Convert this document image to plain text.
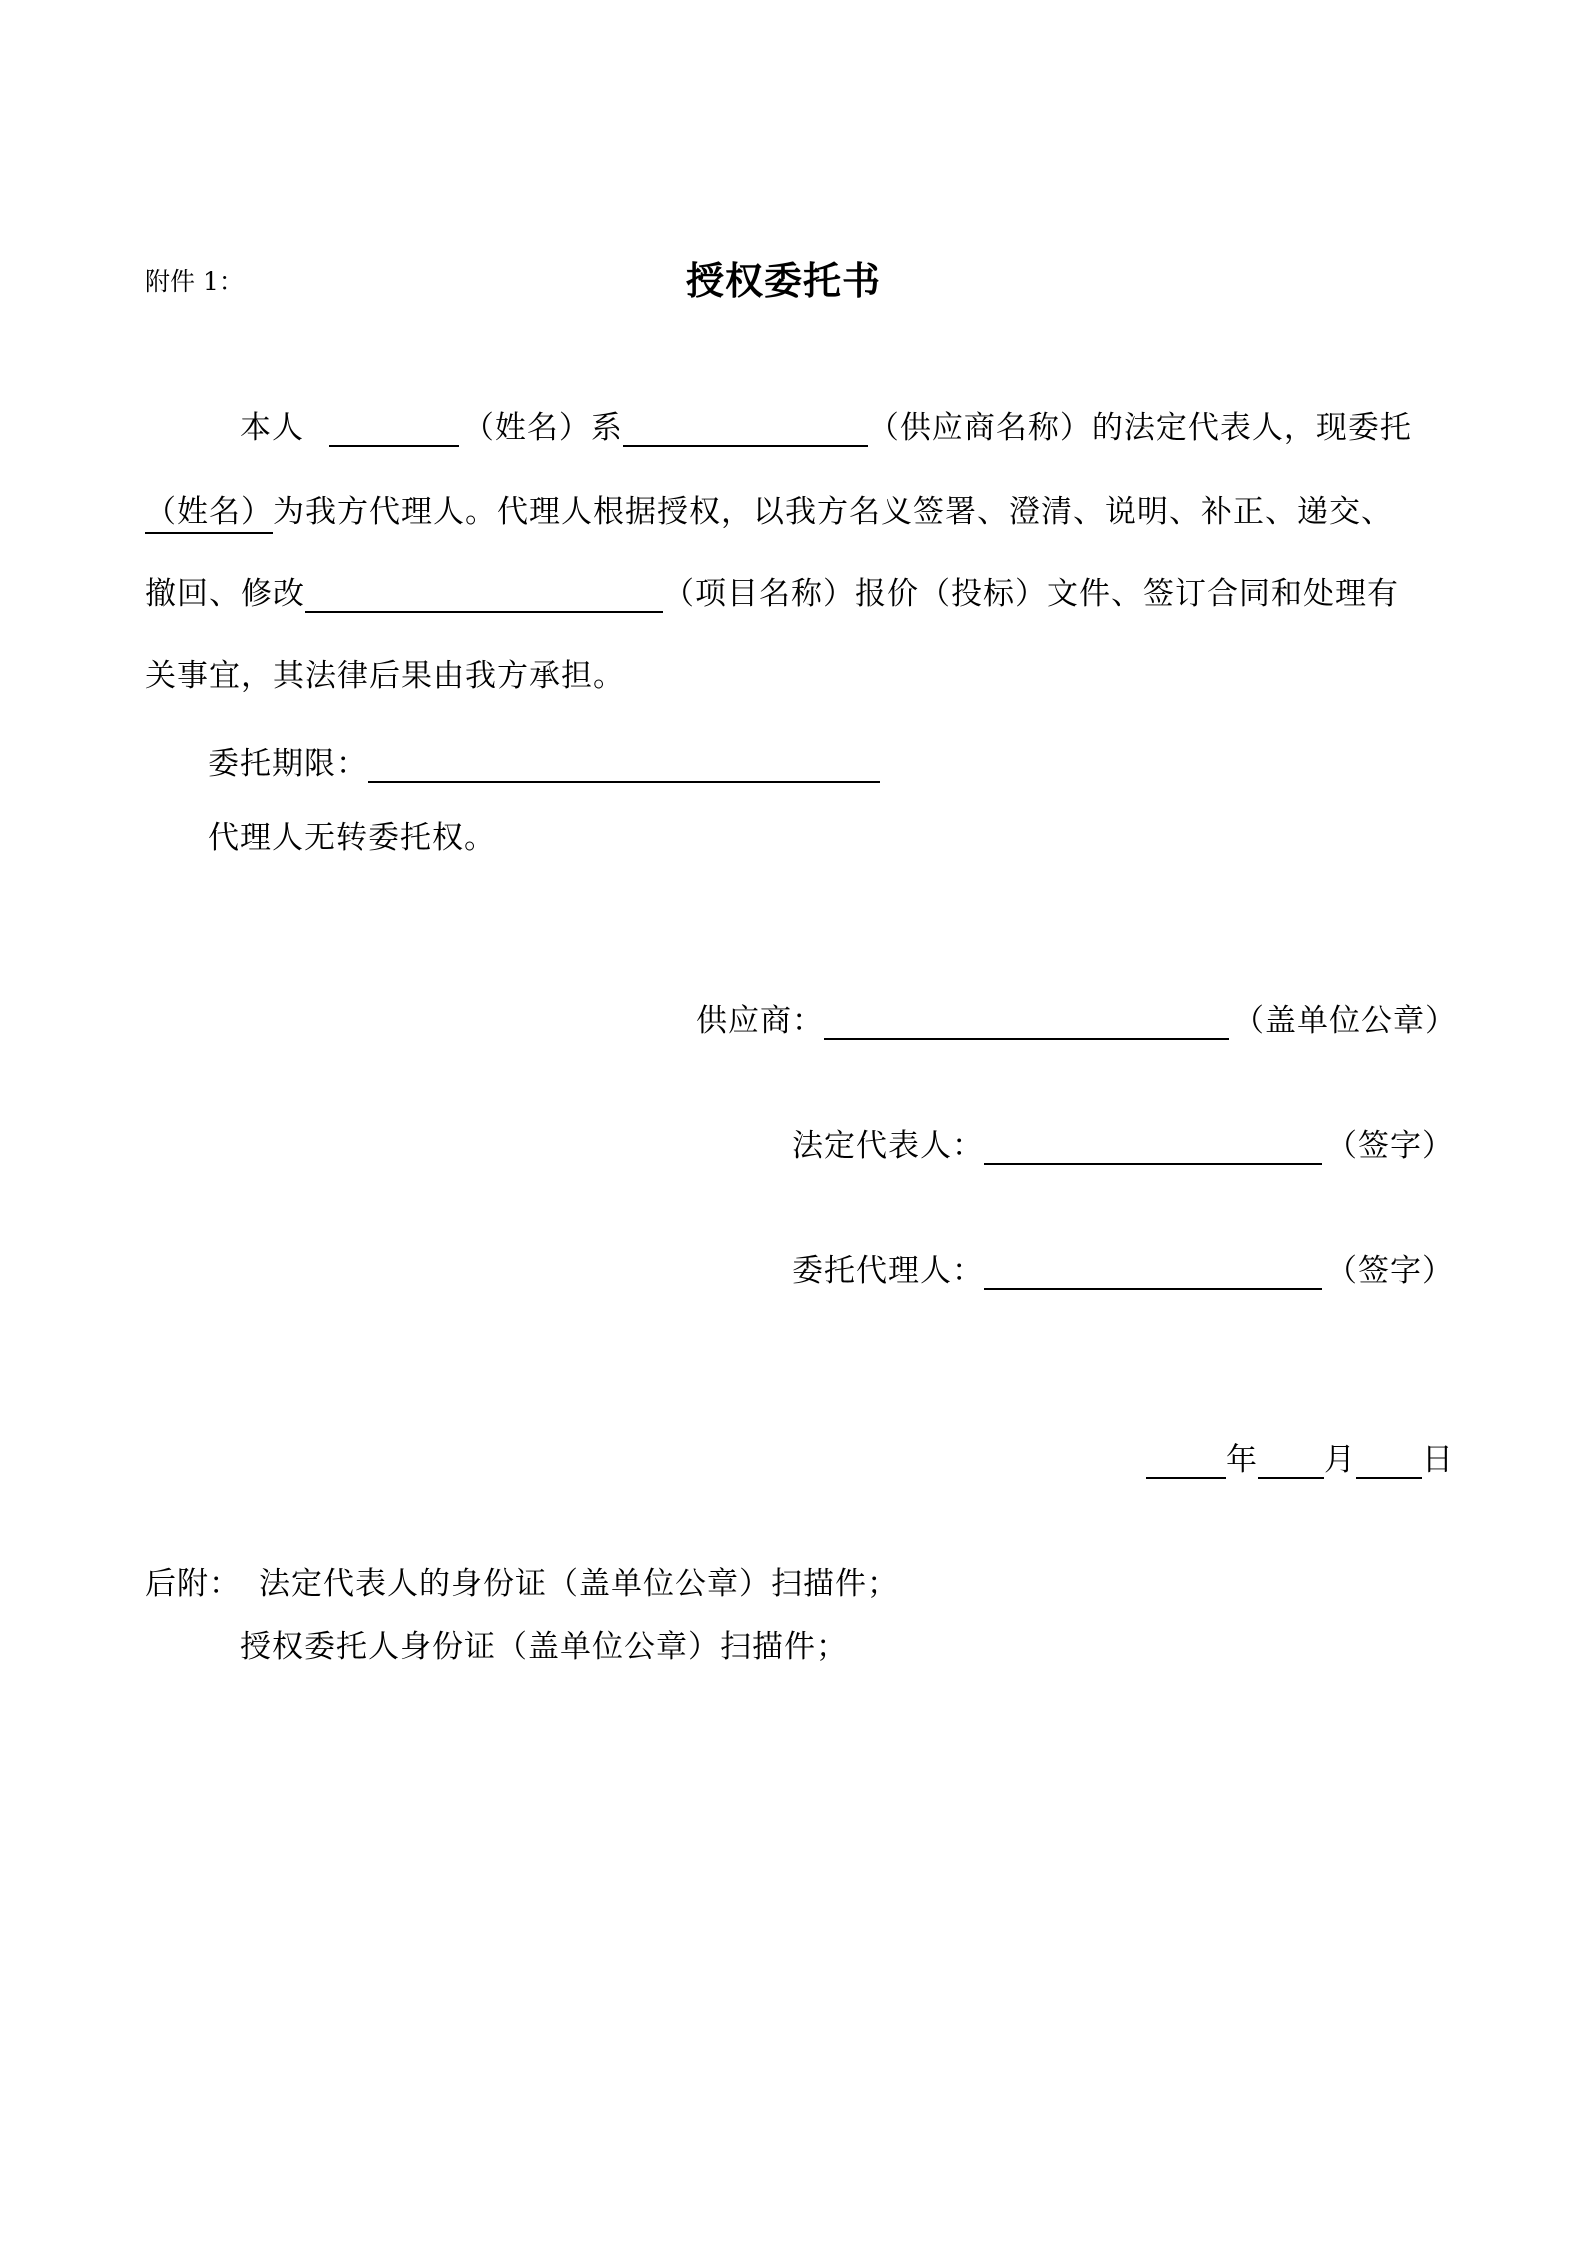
附件 1：	授权委托书
本人	（姓名）系	（供应商名称）的法定代表人，现委托
（姓名）为我方代理人。代理人根据授权，以我方名义签署、澄清、说明、补正、递交、
撤回、修改	（项目名称）报价（投标）文件、签订合同和处理有
关事宜，其法律后果由我方承担。
委托期限：
代理人无转委托权。
供应商：	（盖单位公章）
法定代表人：	（签字）
委托代理人：	（签字）
年 月 日
后附： 法定代表人的身份证（盖单位公章）扫描件；
授权委托人身份证（盖单位公章）扫描件；
